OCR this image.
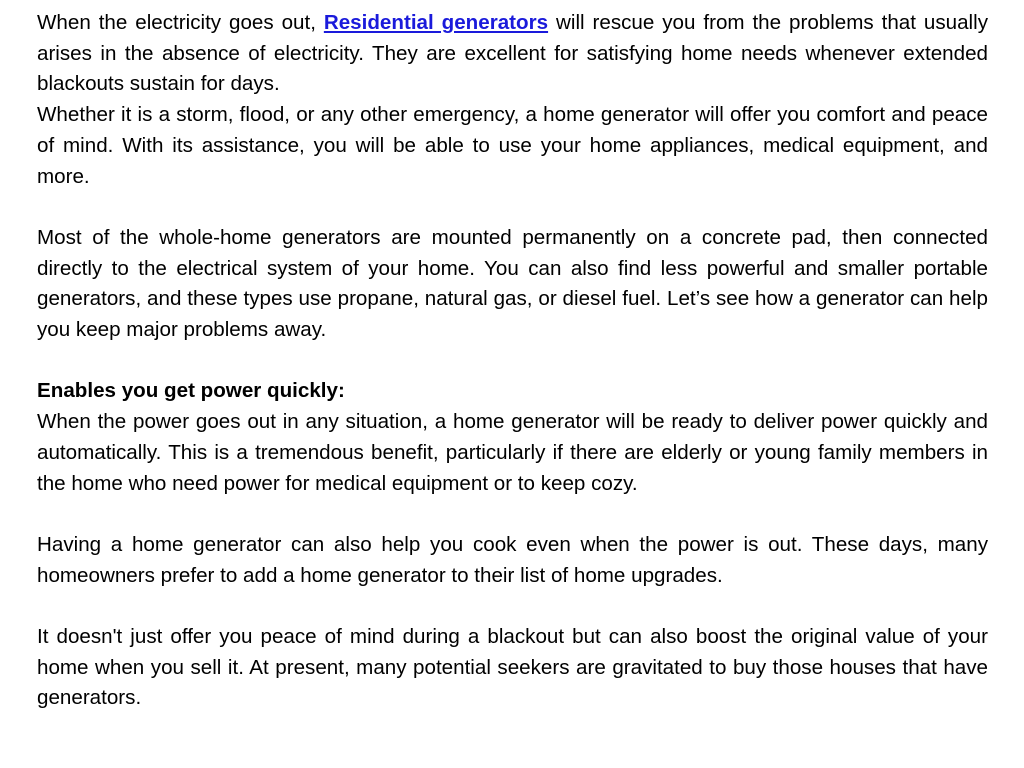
When the electricity goes out, Residential generators will rescue you from the problems that usually arises in the absence of electricity. They are excellent for satisfying home needs whenever extended blackouts sustain for days.

Whether it is a storm, flood, or any other emergency, a home generator will offer you comfort and peace of mind. With its assistance, you will be able to use your home appliances, medical equipment, and more.

Most of the whole-home generators are mounted permanently on a concrete pad, then connected directly to the electrical system of your home. You can also find less powerful and smaller portable generators, and these types use propane, natural gas, or diesel fuel. Let’s see how a generator can help you keep major problems away.

Enables you get power quickly:

When the power goes out in any situation, a home generator will be ready to deliver power quickly and automatically. This is a tremendous benefit, particularly if there are elderly or young family members in the home who need power for medical equipment or to keep cozy.

Having a home generator can also help you cook even when the power is out. These days, many homeowners prefer to add a home generator to their list of home upgrades.

It doesn't just offer you peace of mind during a blackout but can also boost the original value of your home when you sell it. At present, many potential seekers are gravitated to buy those houses that have generators.
